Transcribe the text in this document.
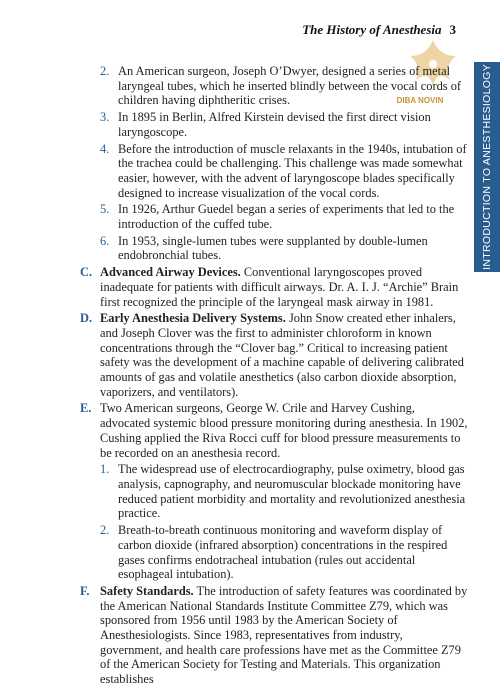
The History of Anesthesia 3
INTRODUCTION TO ANESTHESIOLOGY
DIBA NOVIN
2. An American surgeon, Joseph O’Dwyer, designed a series of metal laryngeal tubes, which he inserted blindly between the vocal cords of children having diphtheritic crises.
3. In 1895 in Berlin, Alfred Kirstein devised the first direct vision laryngoscope.
4. Before the introduction of muscle relaxants in the 1940s, intubation of the trachea could be challenging. This challenge was made somewhat easier, however, with the advent of laryngoscope blades specifically designed to increase visualization of the vocal cords.
5. In 1926, Arthur Guedel began a series of experiments that led to the introduction of the cuffed tube.
6. In 1953, single-lumen tubes were supplanted by double-lumen endobronchial tubes.
C. Advanced Airway Devices. Conventional laryngoscopes proved inadequate for patients with difficult airways. Dr. A. I. J. “Archie” Brain first recognized the principle of the laryngeal mask airway in 1981.
D. Early Anesthesia Delivery Systems. John Snow created ether inhalers, and Joseph Clover was the first to administer chloroform in known concentrations through the “Clover bag.” Critical to increasing patient safety was the development of a machine capable of delivering calibrated amounts of gas and volatile anesthetics (also carbon dioxide absorption, vaporizers, and ventilators).
E. Two American surgeons, George W. Crile and Harvey Cushing, advocated systemic blood pressure monitoring during anesthesia. In 1902, Cushing applied the Riva Rocci cuff for blood pressure measurements to be recorded on an anesthesia record.
1. The widespread use of electrocardiography, pulse oximetry, blood gas analysis, capnography, and neuromuscular blockade monitoring have reduced patient morbidity and mortality and revolutionized anesthesia practice.
2. Breath-to-breath continuous monitoring and waveform display of carbon dioxide (infrared absorption) concentrations in the respired gases confirms endotracheal intubation (rules out accidental esophageal intubation).
F. Safety Standards. The introduction of safety features was coordinated by the American National Standards Institute Committee Z79, which was sponsored from 1956 until 1983 by the American Society of Anesthesiologists. Since 1983, representatives from industry, government, and health care professions have met as the Committee Z79 of the American Society for Testing and Materials. This organization establishes
